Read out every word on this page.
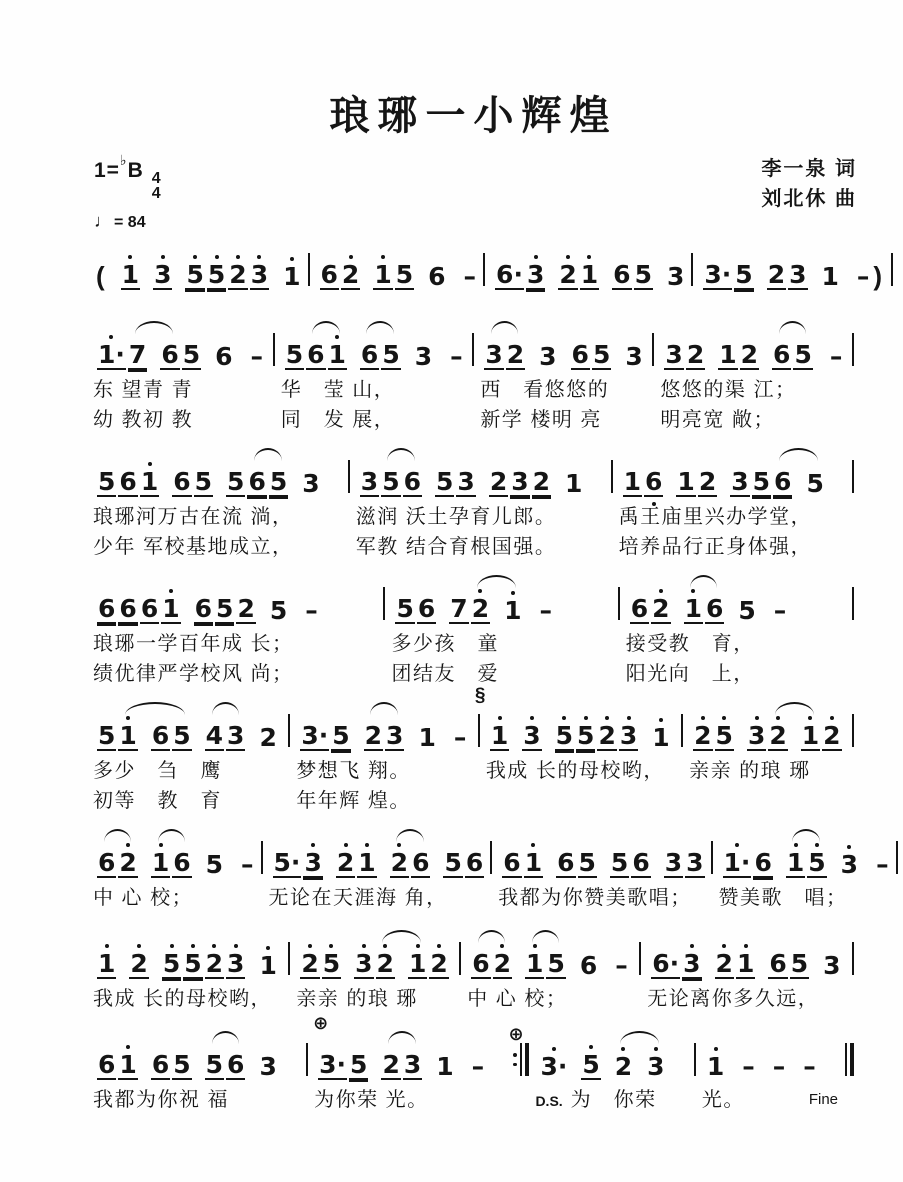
琅琊一小辉煌
1=♭B 4
4
♩ = 84
李一泉 词
刘北休 曲
( 1 3 5 5 2 3 1 6 2 1 5 6 – 6· 3 2 1 6 5 3 3· 5 2 3 1 – )
1· 7 6 5 6 –
东 望青 青
幼 教初 教
5 6 1 6 5 3 –
华　莹 山，
同　发 展，
3 2 3 6 5 3
西　看悠悠的
新学 楼明 亮
3 2 1 2 6 5 –
悠悠的渠 江；
明亮宽 敞；
5 6 1 6 5 5 6 5 3
琅琊河万古在流 淌，
少年 军校基地成立，
3 5 6 5 3 2 3 2 1
滋润 沃土孕育儿郎。
军教 结合育根国强。
1 6 1 2 3 5 6 5
禹王庙里兴办学堂，
培养品行正身体强，
6 6 6 1 6 5 2 5 –
琅琊一学百年成 长；
绩优律严学校风 尚；
5 6 7 2 1 –
多少孩　童
团结友　爱
6 2 1 6 5 –
接受教　育，
阳光向　上，
5 1 6 5 4 3 2
多少　刍　鹰
初等　教　育
3· 5 2 3 1 –
梦想飞 翔。
年年辉 煌。
§
1 3 5 5 2 3 1
我成 长的母校哟，
2 5 3 2 1 2
亲亲 的琅 琊
6 2 1 6 5 –
中 心 校；
5· 3 2 1 2 6 5 6
无论在天涯海 角，
6 1 6 5 5 6 3 3
我都为你赞美歌唱；
1· 6 1 5 3 –
赞美歌　唱；
1 2 5 5 2 3 1
我成 长的母校哟，
2 5 3 2 1 2
亲亲 的琅 琊
6 2 1 5 6 –
中 心 校；
6· 3 2 1 6 5 3
无论离你多久远，
6 1 6 5 5 6 3
我都为你祝 福
⊕
3· 5 2 3 1 –
为你荣 光。
⊕
3· 5 2 3
D.S. 为　你荣
1 – – –
光。	Fine
